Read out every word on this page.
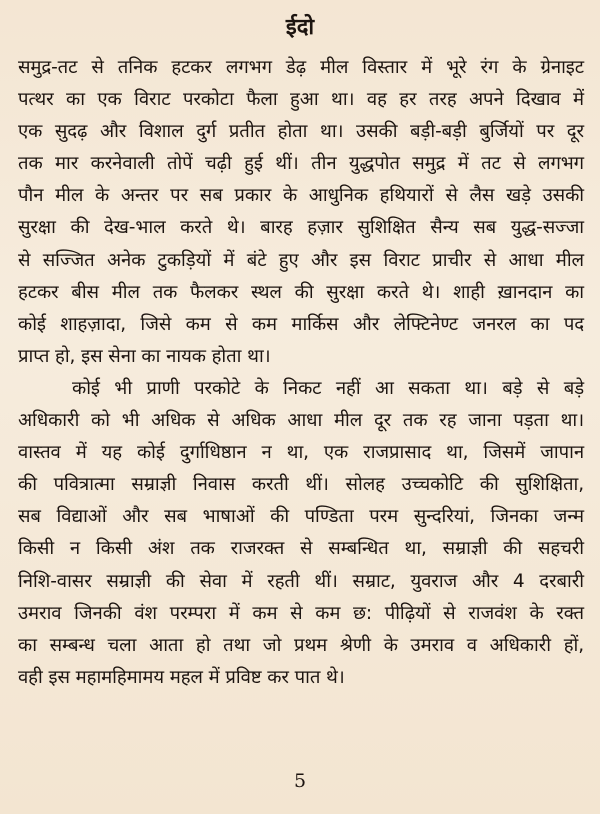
ईदो
समुद्र-तट से तनिक हटकर लगभग डेढ़ मील विस्तार में भूरे रंग के ग्रेनाइट
पत्थर का एक विराट परकोटा फैला हुआ था। वह हर तरह अपने दिखाव में
एक सुदढ़ और विशाल दुर्ग प्रतीत होता था। उसकी बड़ी-बड़ी बुर्जियों पर दूर
तक मार करनेवाली तोपें चढ़ी हुई थीं। तीन युद्धपोत समुद्र में तट से लगभग
पौन मील के अन्तर पर सब प्रकार के आधुनिक हथियारों से लैस खड़े उसकी
सुरक्षा की देख-भाल करते थे। बारह हज़ार सुशिक्षित सैन्य सब युद्ध-सज्जा
से सज्जित अनेक टुकड़ियों में बंटे हुए और इस विराट प्राचीर से आधा मील
हटकर बीस मील तक फैलकर स्थल की सुरक्षा करते थे। शाही ख़ानदान का
कोई शाहज़ादा, जिसे कम से कम मार्किस और लेफ्टिनेण्ट जनरल का पद
प्राप्त हो, इस सेना का नायक होता था।
कोई भी प्राणी परकोटे के निकट नहीं आ सकता था। बड़े से बड़े
अधिकारी को भी अधिक से अधिक आधा मील दूर तक रह जाना पड़ता था।
वास्तव में यह कोई दुर्गाधिष्ठान न था, एक राजप्रासाद था, जिसमें जापान
की पवित्रात्मा सम्राज्ञी निवास करती थीं। सोलह उच्चकोटि की सुशिक्षिता,
सब विद्याओं और सब भाषाओं की पण्डिता परम सुन्दरियां, जिनका जन्म
किसी न किसी अंश तक राजरक्त से सम्बन्धित था, सम्राज्ञी की सहचरी
निशि-वासर सम्राज्ञी की सेवा में रहती थीं। सम्राट, युवराज और 4 दरबारी
उमराव जिनकी वंश परम्परा में कम से कम छ: पीढ़ियों से राजवंश के रक्त
का सम्बन्ध चला आता हो तथा जो प्रथम श्रेणी के उमराव व अधिकारी हों,
वही इस महामहिमामय महल में प्रविष्ट कर पात थे।
5
